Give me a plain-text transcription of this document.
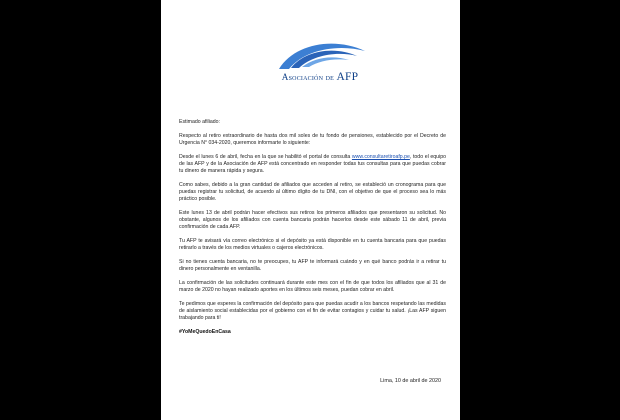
Asociación de AFP

Estimado afiliado:

Respecto al retiro extraordinario de hasta dos mil soles de tu fondo de pensiones, establecido por el Decreto de Urgencia N° 034-2020, queremos informarte lo siguiente:

Desde el lunes 6 de abril, fecha en la que se habilitó el portal de consulta www.consultaretiroafp.pe, todo el equipo de las AFP y de la Asociación de AFP está concentrado en responder todas tus consultas para que puedas cobrar tu dinero de manera rápida y segura.

Como sabes, debido a la gran cantidad de afiliados que acceden al retiro, se estableció un cronograma para que puedas registrar tu solicitud, de acuerdo al último dígito de tu DNI, con el objetivo de que el proceso sea lo más práctico posible.

Este lunes 13 de abril podrán hacer efectivos sus retiros los primeros afiliados que presentaron su solicitud. No obstante, algunos de los afiliados con cuenta bancaria podrán hacerlos desde este sábado 11 de abril, previa confirmación de cada AFP.

Tu AFP te avisará vía correo electrónico si el depósito ya está disponible en tu cuenta bancaria para que puedas retirarlo a través de los medios virtuales o cajeros electrónicos.

Si no tienes cuenta bancaria, no te preocupes, tu AFP te informará cuándo y en qué banco podrás ir a retirar tu dinero personalmente en ventanilla.

La confirmación de las solicitudes continuará durante este mes con el fin de que todos los afiliados que al 31 de marzo de 2020 no hayan realizado aportes en los últimos seis meses, puedan cobrar en abril.

Te pedimos que esperes la confirmación del depósito para que puedas acudir a los bancos respetando las medidas de aislamiento social establecidas por el gobierno con el fin de evitar contagios y cuidar tu salud. ¡Las AFP siguen trabajando para ti!

#YoMeQuedoEnCasa

Lima, 10 de abril de 2020
